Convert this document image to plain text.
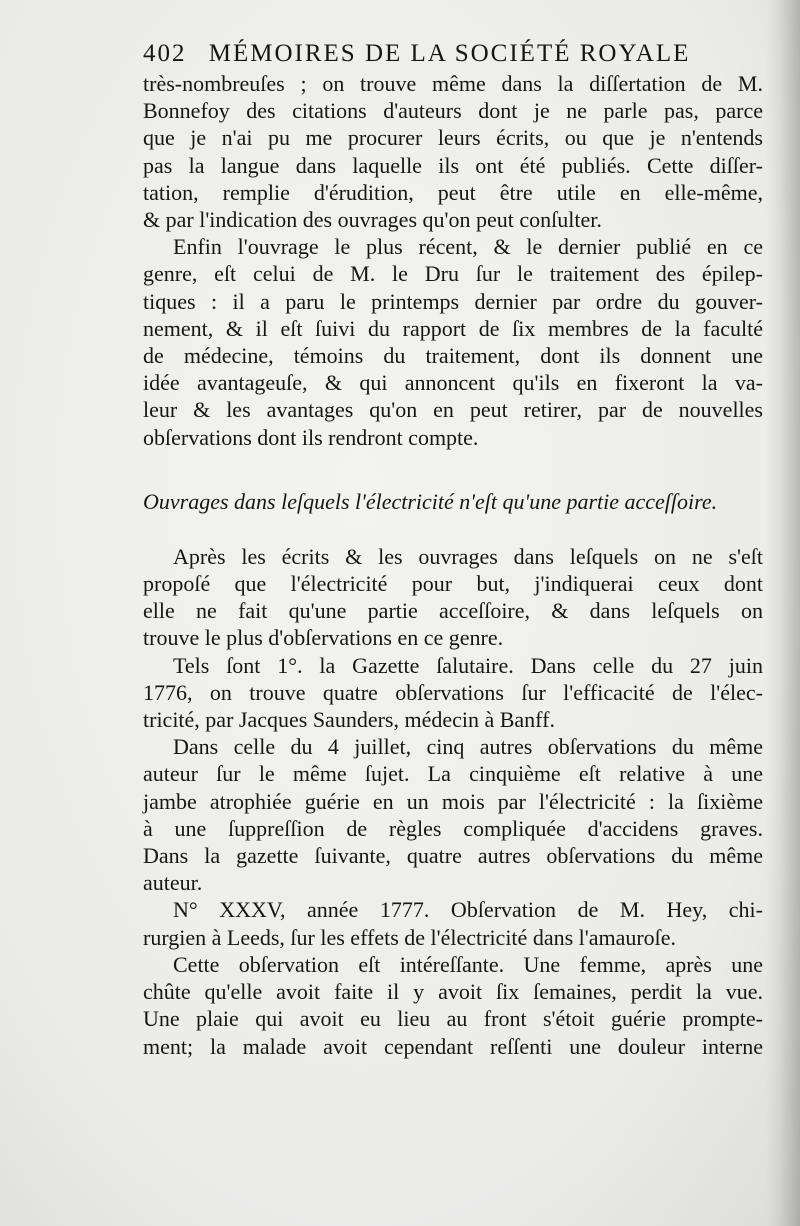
402 MÉMOIRES DE LA SOCIÉTÉ ROYALE
très-nombreuſes ; on trouve même dans la diſſertation de M.
Bonnefoy des citations d'auteurs dont je ne parle pas, parce
que je n'ai pu me procurer leurs écrits, ou que je n'entends
pas la langue dans laquelle ils ont été publiés. Cette diſſer-
tation, remplie d'érudition, peut être utile en elle-même,
& par l'indication des ouvrages qu'on peut conſulter.
Enfin l'ouvrage le plus récent, & le dernier publié en ce
genre, eſt celui de M. le Dru ſur le traitement des épilep-
tiques : il a paru le printemps dernier par ordre du gouver-
nement, & il eſt ſuivi du rapport de ſix membres de la faculté
de médecine, témoins du traitement, dont ils donnent une
idée avantageuſe, & qui annoncent qu'ils en fixeront la va-
leur & les avantages qu'on en peut retirer, par de nouvelles
obſervations dont ils rendront compte.
Ouvrages dans leſquels l'électricité n'eſt qu'une partie acceſſoire.
Après les écrits & les ouvrages dans leſquels on ne s'eſt
propoſé que l'électricité pour but, j'indiquerai ceux dont
elle ne fait qu'une partie acceſſoire, & dans leſquels on
trouve le plus d'obſervations en ce genre.
Tels ſont 1°. la Gazette ſalutaire. Dans celle du 27 juin
1776, on trouve quatre obſervations ſur l'efficacité de l'élec-
tricité, par Jacques Saunders, médecin à Banff.
Dans celle du 4 juillet, cinq autres obſervations du même
auteur ſur le même ſujet. La cinquième eſt relative à une
jambe atrophiée guérie en un mois par l'électricité : la ſixième
à une ſuppreſſion de règles compliquée d'accidens graves.
Dans la gazette ſuivante, quatre autres obſervations du même
auteur.
N° XXXV, année 1777. Obſervation de M. Hey, chi-
rurgien à Leeds, ſur les effets de l'électricité dans l'amauroſe.
Cette obſervation eſt intéreſſante. Une femme, après une
chûte qu'elle avoit faite il y avoit ſix ſemaines, perdit la vue.
Une plaie qui avoit eu lieu au front s'étoit guérie prompte-
ment; la malade avoit cependant reſſenti une douleur interne
